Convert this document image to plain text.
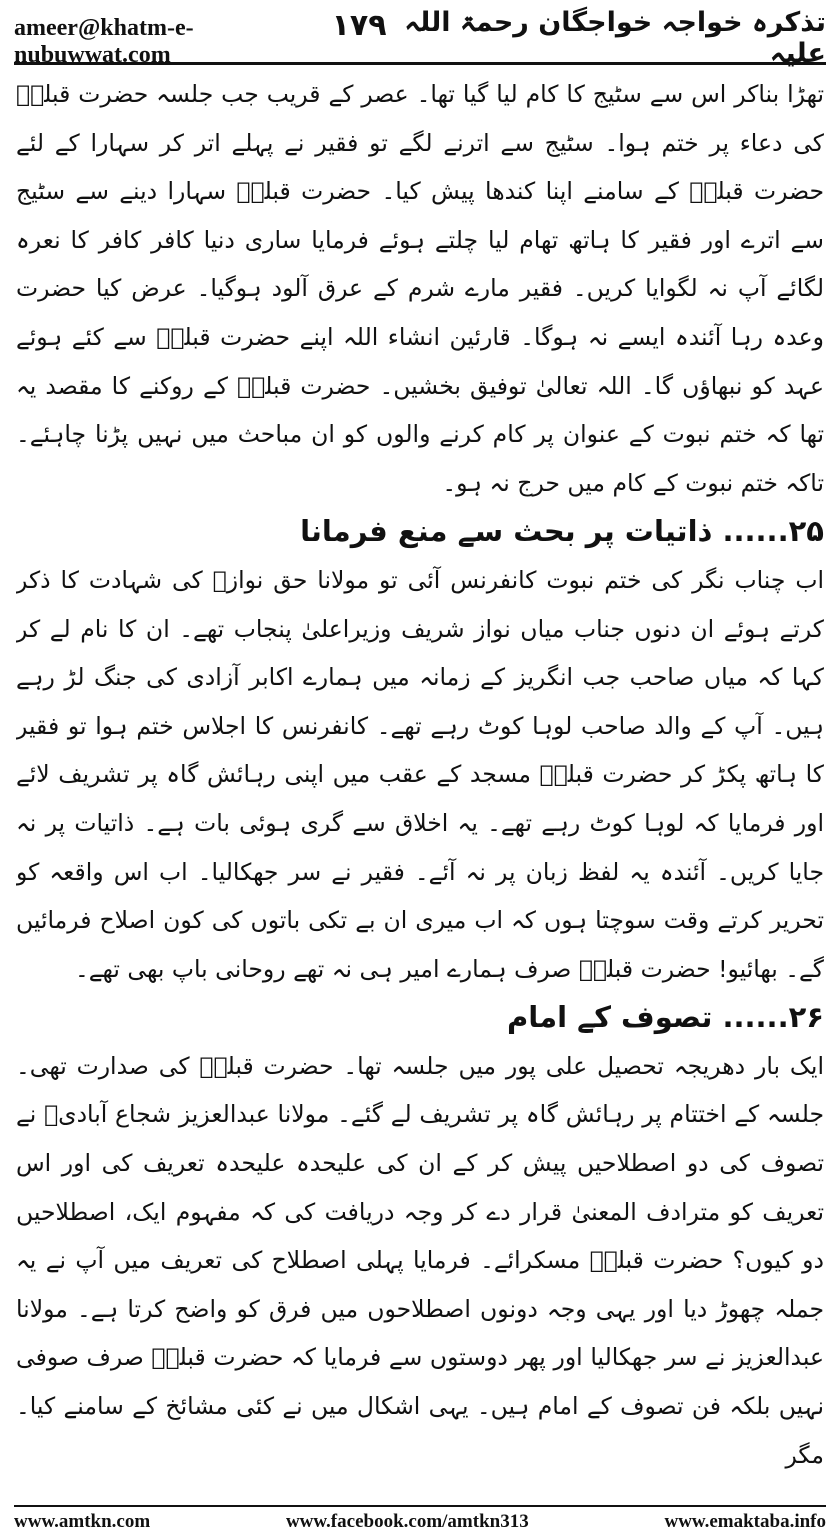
ameer@khatm-e-nubuwwat.com
۱۷۹ تذکرہ خواجہ خواجگان رحمۃ اللہ علیہ

تھڑا بناکر اس سے سٹیج کا کام لیا گیا تھا۔ عصر کے قریب جب جلسہ حضرت قبلہؒ کی دعاء پر ختم ہوا۔ سٹیج سے اترنے لگے تو فقیر نے پہلے اتر کر سہارا کے لئے حضرت قبلہؒ کے سامنے اپنا کندھا پیش کیا۔ حضرت قبلہؒ سہارا دینے سے سٹیج سے اترے اور فقیر کا ہاتھ تھام لیا چلتے ہوئے فرمایا ساری دنیا کافر کافر کا نعرہ لگائے آپ نہ لگوایا کریں۔ فقیر مارے شرم کے عرق آلود ہوگیا۔ عرض کیا حضرت وعدہ رہا آئندہ ایسے نہ ہوگا۔ قارئین انشاء اللہ اپنے حضرت قبلہؒ سے کئے ہوئے عہد کو نبھاؤں گا۔ اللہ تعالیٰ توفیق بخشیں۔ حضرت قبلہؒ کے روکنے کا مقصد یہ تھا کہ ختم نبوت کے عنوان پر کام کرنے والوں کو ان مباحث میں نہیں پڑنا چاہئے۔ تاکہ ختم نبوت کے کام میں حرج نہ ہو۔

۲۵...... ذاتیات پر بحث سے منع فرمانا

اب چناب نگر کی ختم نبوت کانفرنس آئی تو مولانا حق نوازؒ کی شہادت کا ذکر کرتے ہوئے ان دنوں جناب میاں نواز شریف وزیراعلیٰ پنجاب تھے۔ ان کا نام لے کر کہا کہ میاں صاحب جب انگریز کے زمانہ میں ہمارے اکابر آزادی کی جنگ لڑ رہے ہیں۔ آپ کے والد صاحب لوہا کوٹ رہے تھے۔ کانفرنس کا اجلاس ختم ہوا تو فقیر کا ہاتھ پکڑ کر حضرت قبلہؒ مسجد کے عقب میں اپنی رہائش گاہ پر تشریف لائے اور فرمایا کہ لوہا کوٹ رہے تھے۔ یہ اخلاق سے گری ہوئی بات ہے۔ ذاتیات پر نہ جایا کریں۔ آئندہ یہ لفظ زبان پر نہ آئے۔ فقیر نے سر جھکالیا۔ اب اس واقعہ کو تحریر کرتے وقت سوچتا ہوں کہ اب میری ان بے تکی باتوں کی کون اصلاح فرمائیں گے۔ بھائیو! حضرت قبلہؒ صرف ہمارے امیر ہی نہ تھے روحانی باپ بھی تھے۔

۲۶...... تصوف کے امام

ایک بار دھریجہ تحصیل علی پور میں جلسہ تھا۔ حضرت قبلہؒ کی صدارت تھی۔ جلسہ کے اختتام پر رہائش گاہ پر تشریف لے گئے۔ مولانا عبدالعزیز شجاع آبادیؒ نے تصوف کی دو اصطلاحیں پیش کر کے ان کی علیحدہ علیحدہ تعریف کی اور اس تعریف کو مترادف المعنیٰ قرار دے کر وجہ دریافت کی کہ مفہوم ایک، اصطلاحیں دو کیوں؟ حضرت قبلہؒ مسکرائے۔ فرمایا پہلی اصطلاح کی تعریف میں آپ نے یہ جملہ چھوڑ دیا اور یہی وجہ دونوں اصطلاحوں میں فرق کو واضح کرتا ہے۔ مولانا عبدالعزیز نے سر جھکالیا اور پھر دوستوں سے فرمایا کہ حضرت قبلہؒ صرف صوفی نہیں بلکہ فن تصوف کے امام ہیں۔ یہی اشکال میں نے کئی مشائخ کے سامنے کیا۔ مگر

www.amtkn.com	www.facebook.com/amtkn313	www.emaktaba.info
